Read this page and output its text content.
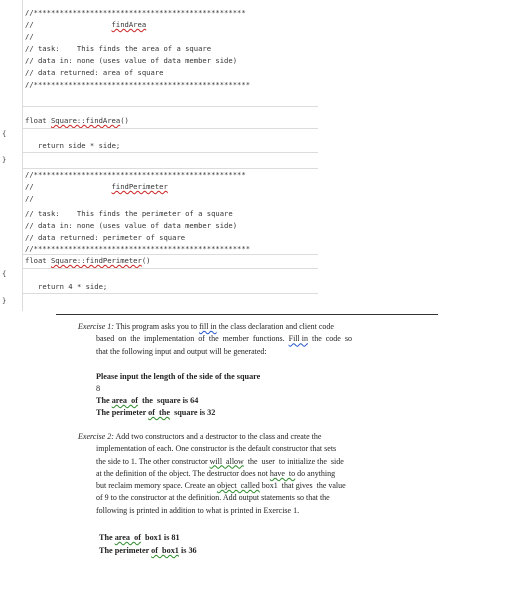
//*************************************************
//	findArea
//
// task:    This finds the area of a square
// data in: none (uses value of data member side)
// data returned: area of square
//**************************************************
float Square::findArea()
{
return side * side;
}
//*************************************************
//	findPerimeter
//
// task:    This finds the perimeter of a square
// data in: none (uses value of data member side)
// data returned: perimeter of square
//**************************************************
float Square::findPerimeter()
{
return 4 * side;
}

Exercise 1: This program asks you to fill in the class declaration and client code

based  on  the  implementation  of  the  member  functions.  Fill in  the  code  so

that the following input and output will be generated:

Please input the length of the side of the square
8
The area  of  the  square is 64
The perimeter of  the  square is 32

Exercise 2: Add two constructors and a destructor to the class and create the

implementation of each. One constructor is the default constructor that sets

the side to 1. The other constructor will  allow  the  user  to initialize the  side

at the definition of the object. The destructor does not have  to do anything

but reclaim memory space. Create an object  called box1  that gives  the value

of 9 to the constructor at the definition. Add output statements so that the

following is printed in addition to what is printed in Exercise 1.

The area  of  box1 is 81
The perimeter of  box1 is 36
